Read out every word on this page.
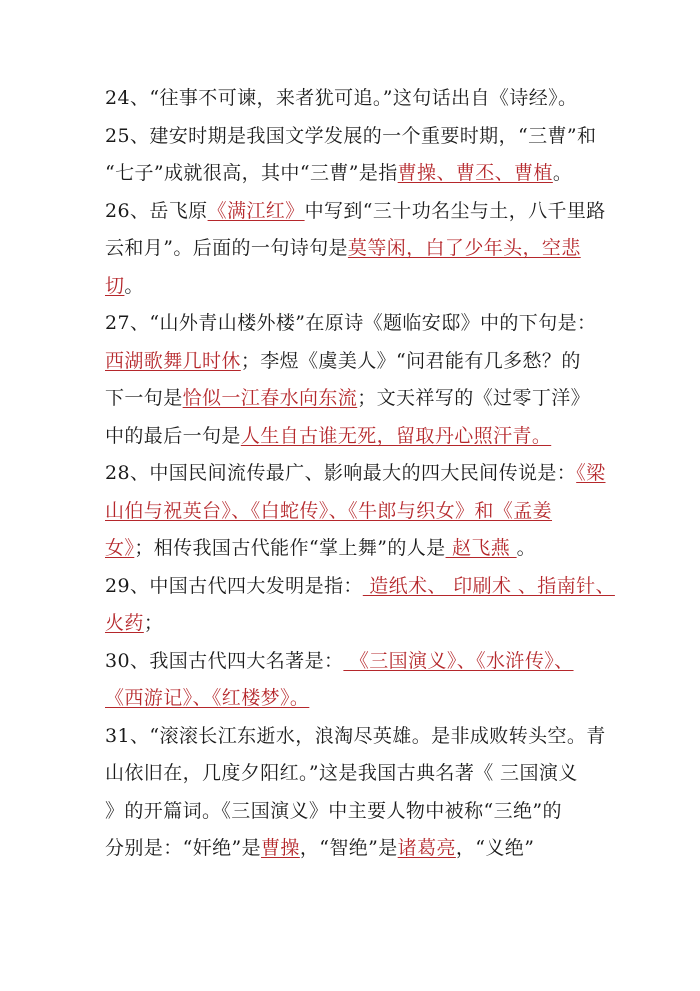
24、“往事不可谏，来者犹可追。”这句话出自《诗经》。
25、建安时期是我国文学发展的一个重要时期，“三曹”和
“七子”成就很高，其中“三曹”是指曹操、曹丕、曹植。
26、岳飞原《满江红》中写到“三十功名尘与土，八千里路
云和月”。后面的一句诗句是莫等闲，白了少年头，空悲
切。
27、“山外青山楼外楼”在原诗《题临安邸》中的下句是：
西湖歌舞几时休；李煜《虞美人》“问君能有几多愁？的
下一句是恰似一江春水向东流；文天祥写的《过零丁洋》
中的最后一句是人生自古谁无死，留取丹心照汗青。
28、中国民间流传最广、影响最大的四大民间传说是：《梁
山伯与祝英台》、《白蛇传》、《牛郎与织女》和《孟姜
女》；相传我国古代能作“掌上舞”的人是 赵飞燕 。
29、中国古代四大发明是指： 造纸术、 印刷术 、指南针、
火药；
30、我国古代四大名著是： 《三国演义》、《水浒传》、
《西游记》、《红楼梦》。
31、“滚滚长江东逝水，浪淘尽英雄。是非成败转头空。青
山依旧在，几度夕阳红。”这是我国古典名著《 三国演义
》的开篇词。《三国演义》中主要人物中被称“三绝”的
分别是：“奸绝”是曹操，“智绝”是诸葛亮，“义绝”
